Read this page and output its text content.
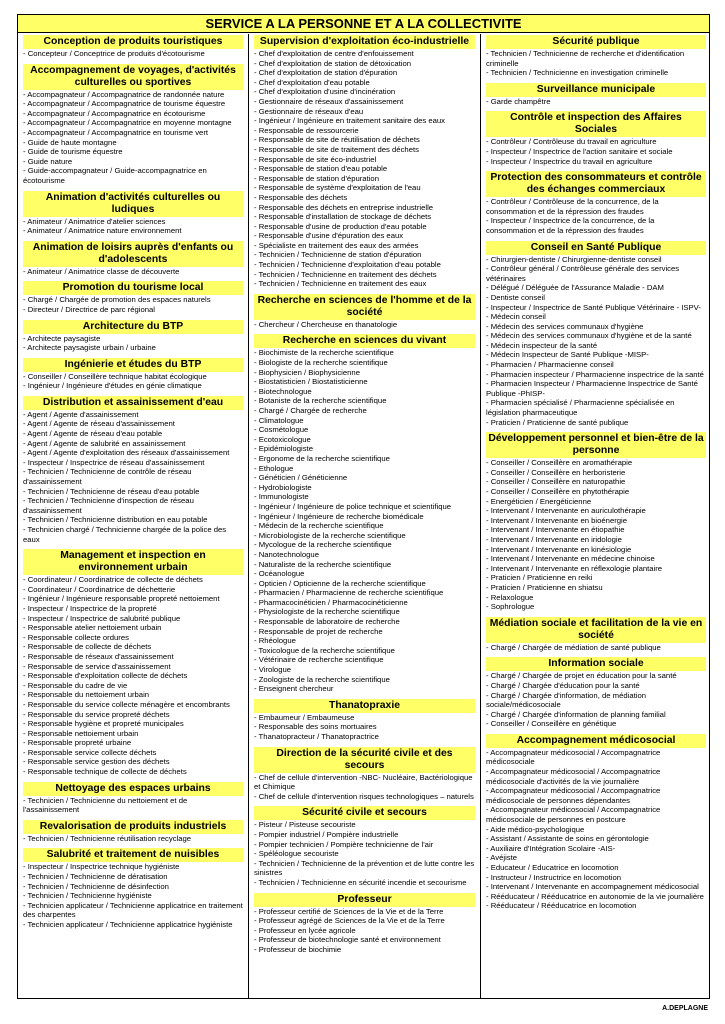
SERVICE A LA PERSONNE ET A LA COLLECTIVITE
Conception de produits touristiques
- Concepteur / Conceptrice de produits d'écotourisme
Accompagnement de voyages, d'activités culturelles ou sportives
- Accompagnateur / Accompagnatrice de randonnée nature
- Accompagnateur / Accompagnatrice de tourisme équestre
- Accompagnateur / Accompagnatrice en écotourisme
- Accompagnateur / Accompagnatrice en moyenne montagne
- Accompagnateur / Accompagnatrice en tourisme vert
- Guide de haute montagne
- Guide de tourisme équestre
- Guide nature
- Guide-accompagnateur / Guide-accompagnatrice en écotourisme
Animation d'activités culturelles ou ludiques
- Animateur / Animatrice d'atelier sciences
- Animateur / Animatrice nature environnement
Animation de loisirs auprès d'enfants ou d'adolescents
- Animateur / Animatrice classe de découverte
Promotion du tourisme local
- Chargé / Chargée de promotion des espaces naturels
- Directeur / Directrice de parc régional
Architecture du BTP
- Architecte paysagiste
- Architecte paysagiste urbain / urbaine
Ingénierie et études du BTP
- Conseiller / Conseillère technique habitat écologique
- Ingénieur / Ingénieure d'études en génie climatique
Distribution et assainissement d'eau
- Agent / Agente d'assainissement
- Agent / Agente de réseau d'assainissement
- Agent / Agente de réseau d'eau potable
- Agent / Agente de salubrité en assainissement
- Agent / Agente d'exploitation des réseaux d'assainissement
- Inspecteur / Inspectrice de réseau d'assainissement
- Technicien / Technicienne de contrôle de réseau d'assainissement
- Technicien / Technicienne de réseau d'eau potable
- Technicien / Technicienne d'inspection de réseau d'assainissement
- Technicien / Technicienne distribution en eau potable
- Technicien chargé / Technicienne chargée de la police des eaux
Management et inspection en environnement urbain
- Coordinateur / Coordinatrice de collecte de déchets
- Coordinateur / Coordinatrice de déchetterie
- Ingénieur / Ingénieure responsable propreté nettoiement
- Inspecteur / Inspectrice de la propreté
- Inspecteur / Inspectrice de salubrité publique
- Responsable atelier nettoiement urbain
- Responsable collecte ordures
- Responsable de collecte de déchets
- Responsable de réseaux d'assainissement
- Responsable de service d'assainissement
- Responsable d'exploitation collecte de déchets
- Responsable du cadre de vie
- Responsable du nettoiement urbain
- Responsable du service collecte ménagère et encombrants
- Responsable du service propreté déchets
- Responsable hygiène et propreté municipales
- Responsable nettoiement urbain
- Responsable propreté urbaine
- Responsable service collecte déchets
- Responsable service gestion des déchets
- Responsable technique de collecte de déchets
Nettoyage des espaces urbains
- Technicien / Technicienne du nettoiement et de l'assainissement
Revalorisation de produits industriels
- Technicien / Technicienne réutilisation recyclage
Salubrité et traitement de nuisibles
- Inspecteur / Inspectrice technique hygiéniste
- Technicien / Technicienne de dératisation
- Technicien / Technicienne de désinfection
- Technicien / Technicienne hygiéniste
- Technicien applicateur / Technicienne applicatrice en traitement des charpentes
- Technicien applicateur / Technicienne applicatrice hygiéniste
Supervision d'exploitation éco-industrielle
- Chef d'exploitation de centre d'enfouissement
- Chef d'exploitation de station de détoxication
- Chef d'exploitation de station d'épuration
- Chef d'exploitation d'eau potable
- Chef d'exploitation d'usine d'incinération
- Gestionnaire de réseaux d'assainissement
- Gestionnaire de réseaux d'eau
- Ingénieur / Ingénieure en traitement sanitaire des eaux
- Responsable de ressourcerie
- Responsable de site de réutilisation de déchets
- Responsable de site de traitement des déchets
- Responsable de site éco-industriel
- Responsable de station d'eau potable
- Responsable de station d'épuration
- Responsable de système d'exploitation de l'eau
- Responsable des déchets
- Responsable des déchets en entreprise industrielle
- Responsable d'installation de stockage de déchets
- Responsable d'usine de production d'eau potable
- Responsable d'usine d'épuration des eaux
- Spécialiste en traitement des eaux des armées
- Technicien / Technicienne de station d'épuration
- Technicien / Technicienne d'exploitation d'eau potable
- Technicien / Technicienne en traitement des déchets
- Technicien / Technicienne en traitement des eaux
Recherche en sciences de l'homme et de la société
- Chercheur / Chercheuse en thanatologie
Recherche en sciences du vivant
- Biochimiste de la recherche scientifique
- Biologiste de la recherche scientifique
- Biophysicien / Biophysicienne
- Biostatisticien / Biostatisticienne
- Biotechnologue
- Botaniste de la recherche scientifique
- Chargé / Chargée de recherche
- Climatologue
- Cosmétologue
- Ecotoxicologue
- Epidémiologiste
- Ergonome de la recherche scientifique
- Ethologue
- Généticien / Généticienne
- Hydrobiologiste
- Immunologiste
- Ingénieur / Ingénieure de police technique et scientifique
- Ingénieur / Ingénieure de recherche biomédicale
- Médecin de la recherche scientifique
- Microbiologiste de la recherche scientifique
- Mycologue de la recherche scientifique
- Nanotechnologue
- Naturaliste de la recherche scientifique
- Océanologue
- Opticien / Opticienne de la recherche scientifique
- Pharmacien / Pharmacienne de recherche scientifique
- Pharmacocinéticien / Pharmacocinéticienne
- Physiologiste de la recherche scientifique
- Responsable de laboratoire de recherche
- Responsable de projet de recherche
- Rhéologue
- Toxicologue de la recherche scientifique
- Vétérinaire de recherche scientifique
- Virologue
- Zoologiste de la recherche scientifique
- Enseignent chercheur
Thanatopraxie
- Embaumeur / Embaumeuse
- Responsable des soins mortuaires
- Thanatopracteur / Thanatopractrice
Direction de la sécurité civile et des secours
- Chef de cellule d'intervention -NBC- Nucléaire, Bactériologique et Chimique
- Chef de cellule d'intervention risques technologiques – naturels
Sécurité civile et secours
- Pisteur / Pisteuse secouriste
- Pompier industriel / Pompière industrielle
- Pompier technicien / Pompière technicienne de l'air
- Spéléologue secouriste
- Technicien / Technicienne de la prévention et de lutte contre les sinistres
- Technicien / Technicienne en sécurité incendie et secourisme
Professeur
- Professeur certifié de Sciences de la Vie et de la Terre
- Professeur agrégé de Sciences de la Vie et de la Terre
- Professeur en lycée agricole
- Professeur de biotechnologie santé et environnement
- Professeur de biochimie
Sécurité publique
- Technicien / Technicienne de recherche et d'identification criminelle
- Technicien / Technicienne en investigation criminelle
Surveillance municipale
- Garde champêtre
Contrôle et inspection des Affaires Sociales
- Contrôleur / Contrôleuse du travail en agriculture
- Inspecteur / Inspectrice de l'action sanitaire et sociale
- Inspecteur / Inspectrice du travail en agriculture
Protection des consommateurs et contrôle des échanges commerciaux
- Contrôleur / Contrôleuse de la concurrence, de la consommation et de la répression des fraudes
- Inspecteur / Inspectrice de la concurrence, de la consommation et de la répression des fraudes
Conseil en Santé Publique
- Chirurgien-dentiste / Chirurgienne-dentiste conseil
- Contrôleur général / Contrôleuse générale des services vétérinaires
- Délégué / Déléguée de l'Assurance Maladie - DAM
- Dentiste conseil
- Inspecteur / Inspectrice de Santé Publique Vétérinaire - ISPV-
- Médecin conseil
- Médecin des services communaux d'hygiène
- Médecin des services communaux d'hygiène et de la santé
- Médecin inspecteur de la santé
- Médecin Inspecteur de Santé Publique -MISP-
- Pharmacien / Pharmacienne conseil
- Pharmacien inspecteur / Pharmacienne inspectrice de la santé
- Pharmacien Inspecteur / Pharmacienne Inspectrice de Santé Publique -PhISP-
- Pharmacien spécialisé / Pharmacienne spécialisée en législation pharmaceutique
- Praticien / Praticienne de santé publique
Développement personnel et bien-être de la personne
- Conseiller / Conseillère en aromathérapie
- Conseiller / Conseillère en herboristerie
- Conseiller / Conseillère en naturopathie
- Conseiller / Conseillère en phytothérapie
- Energéticien / Energéticienne
- Intervenant / Intervenante en auriculothérapie
- Intervenant / Intervenante en bioénergie
- Intervenant / Intervenante en étiopathie
- Intervenant / Intervenante en iridologie
- Intervenant / Intervenante en kinésiologie
- Intervenant / Intervenante en médecine chinoise
- Intervenant / Intervenante en réflexologie plantaire
- Praticien / Praticienne en reiki
- Praticien / Praticienne en shiatsu
- Relaxologue
- Sophrologue
Médiation sociale et facilitation de la vie en société
- Chargé / Chargée de médiation de santé publique
Information sociale
- Chargé / Chargée de projet en éducation pour la santé
- Chargé / Chargée d'éducation pour la santé
- Chargé / Chargée d'information, de médiation sociale/médicosociale
- Chargé / Chargée d'information de planning familial
- Conseiller / Conseillère en génétique
Accompagnement médicosocial
- Accompagnateur médicosocial / Accompagnatrice médicosociale
- Accompagnateur médicosocial / Accompagnatrice médicosociale d'activités de la vie journalière
- Accompagnateur médicosocial / Accompagnatrice médicosociale de personnes dépendantes
- Accompagnateur médicosocial / Accompagnatrice médicosociale de personnes en postcure
- Aide médico-psychologique
- Assistant / Assistante de soins en gérontologie
- Auxiliaire d'Intégration Scolaire -AIS-
- Avéjiste
- Educateur / Educatrice en locomotion
- Instructeur / Instructrice en locomotion
- Intervenant / Intervenante en accompagnement médicosocial
- Rééducateur / Rééducatrice en autonomie de la vie journalière
- Rééducateur / Rééducatrice en locomotion
A.DEPLAGNE
